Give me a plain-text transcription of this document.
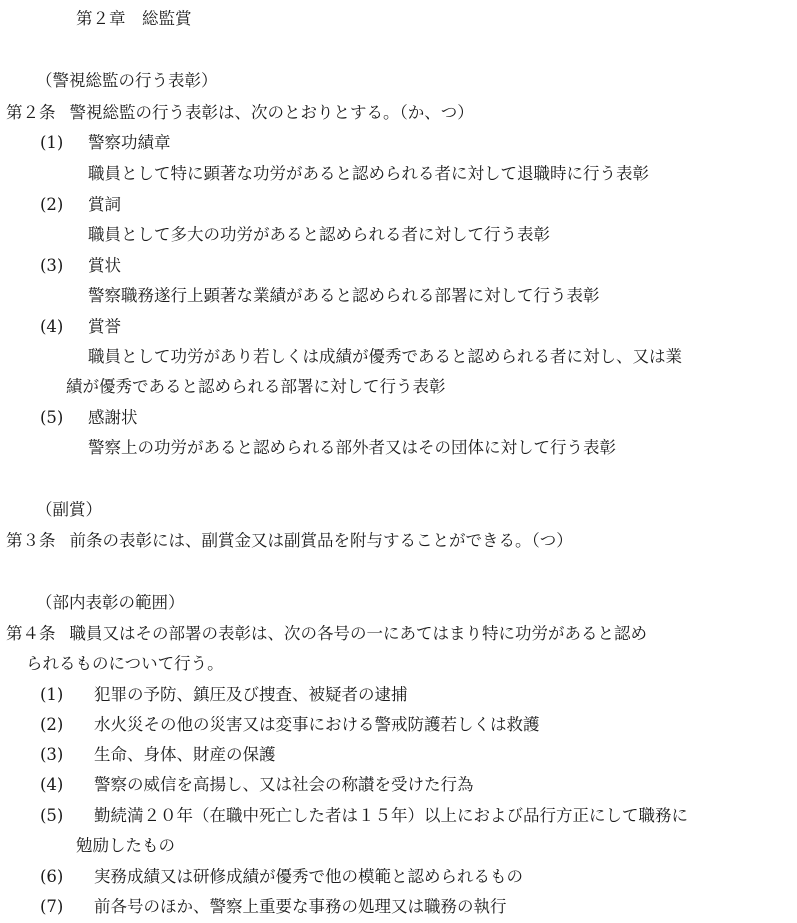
第２章　総監賞
（警視総監の行う表彰）
第２条 警視総監の行う表彰は、次のとおりとする。（か、つ）
(1) 警察功績章
職員として特に顕著な功労があると認められる者に対して退職時に行う表彰
(2) 賞詞
職員として多大の功労があると認められる者に対して行う表彰
(3) 賞状
警察職務遂行上顕著な業績があると認められる部署に対して行う表彰
(4) 賞誉
職員として功労があり若しくは成績が優秀であると認められる者に対し、又は業
績が優秀であると認められる部署に対して行う表彰
(5) 感謝状
警察上の功労があると認められる部外者又はその団体に対して行う表彰
（副賞）
第３条 前条の表彰には、副賞金又は副賞品を附与することができる。（つ）
（部内表彰の範囲）
第４条 職員又はその部署の表彰は、次の各号の一にあてはまり特に功労があると認め
られるものについて行う。
(1) 犯罪の予防、鎮圧及び捜査、被疑者の逮捕
(2) 水火災その他の災害又は変事における警戒防護若しくは救護
(3) 生命、身体、財産の保護
(4) 警察の威信を高揚し、又は社会の称讃を受けた行為
(5) 勤続満２０年（在職中死亡した者は１５年）以上におよび品行方正にして職務に
勉励したもの
(6) 実務成績又は研修成績が優秀で他の模範と認められるもの
(7) 前各号のほか、警察上重要な事務の処理又は職務の執行
